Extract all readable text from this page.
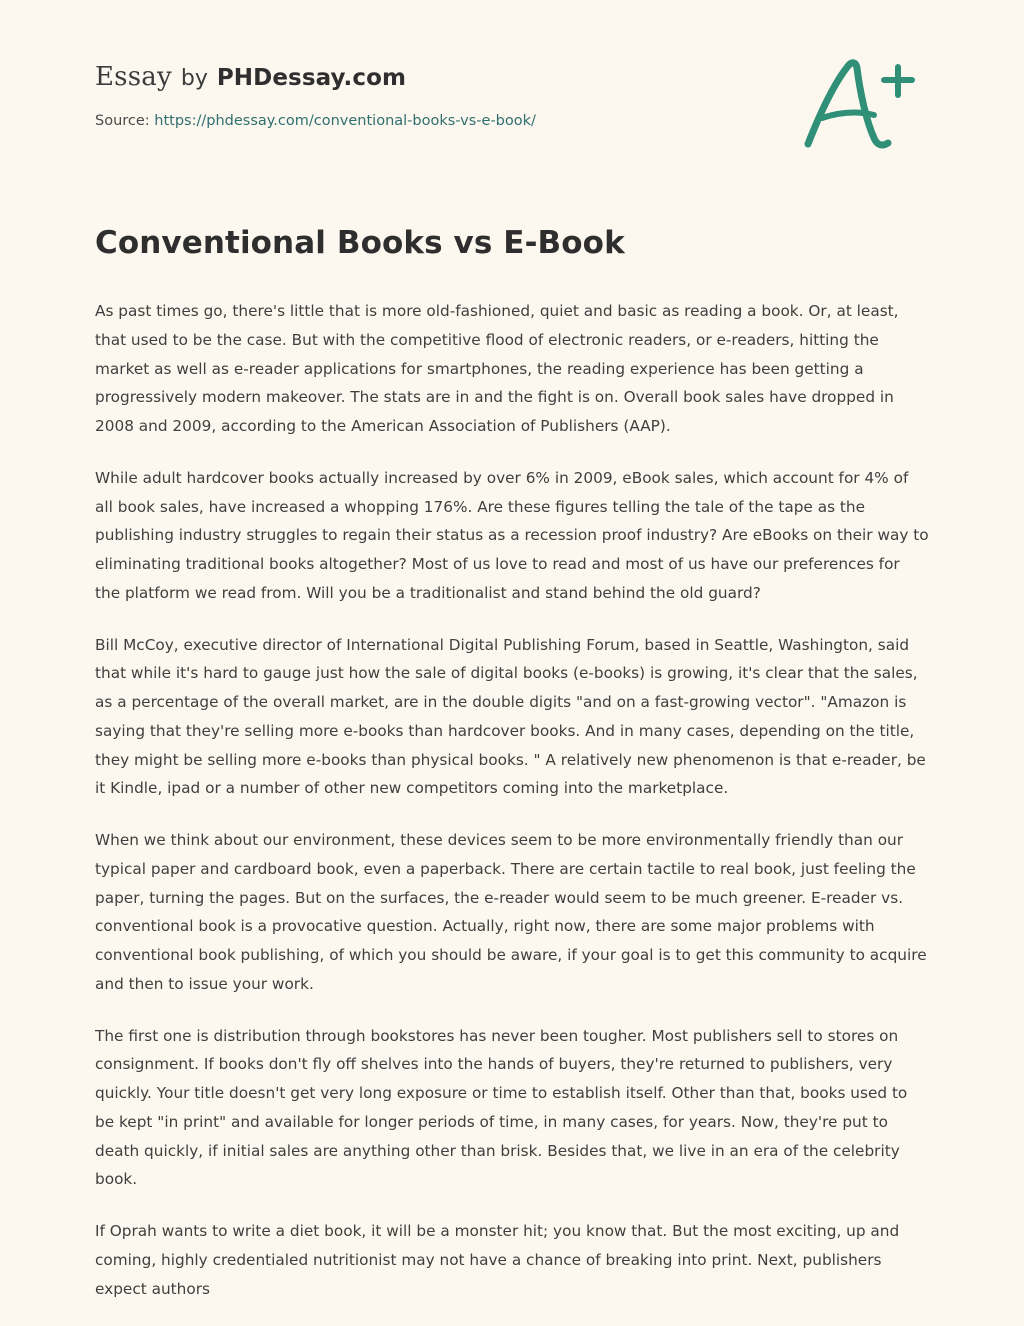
Essay by PHDessay.com
Source: https://phdessay.com/conventional-books-vs-e-book/
Conventional Books vs E-Book

As past times go, there's little that is more old-fashioned, quiet and basic as reading a book. Or, at least, that used to be the case. But with the competitive flood of electronic readers, or e-readers, hitting the market as well as e-reader applications for smartphones, the reading experience has been getting a progressively modern makeover. The stats are in and the fight is on. Overall book sales have dropped in 2008 and 2009, according to the American Association of Publishers (AAP).

While adult hardcover books actually increased by over 6% in 2009, eBook sales, which account for 4% of all book sales, have increased a whopping 176%. Are these figures telling the tale of the tape as the publishing industry struggles to regain their status as a recession proof industry? Are eBooks on their way to eliminating traditional books altogether? Most of us love to read and most of us have our preferences for the platform we read from. Will you be a traditionalist and stand behind the old guard?

Bill McCoy, executive director of International Digital Publishing Forum, based in Seattle, Washington, said that while it's hard to gauge just how the sale of digital books (e-books) is growing, it's clear that the sales, as a percentage of the overall market, are in the double digits "and on a fast-growing vector". "Amazon is saying that they're selling more e-books than hardcover books. And in many cases, depending on the title, they might be selling more e-books than physical books. " A relatively new phenomenon is that e-reader, be it Kindle, ipad or a number of other new competitors coming into the marketplace.

When we think about our environment, these devices seem to be more environmentally friendly than our typical paper and cardboard book, even a paperback. There are certain tactile to real book, just feeling the paper, turning the pages. But on the surfaces, the e-reader would seem to be much greener. E-reader vs. conventional book is a provocative question. Actually, right now, there are some major problems with conventional book publishing, of which you should be aware, if your goal is to get this community to acquire and then to issue your work.

The first one is distribution through bookstores has never been tougher. Most publishers sell to stores on consignment. If books don't fly off shelves into the hands of buyers, they're returned to publishers, very quickly. Your title doesn't get very long exposure or time to establish itself. Other than that, books used to be kept "in print" and available for longer periods of time, in many cases, for years. Now, they're put to death quickly, if initial sales are anything other than brisk. Besides that, we live in an era of the celebrity book.

If Oprah wants to write a diet book, it will be a monster hit; you know that. But the most exciting, up and coming, highly credentialed nutritionist may not have a chance of breaking into print. Next, publishers expect authors
